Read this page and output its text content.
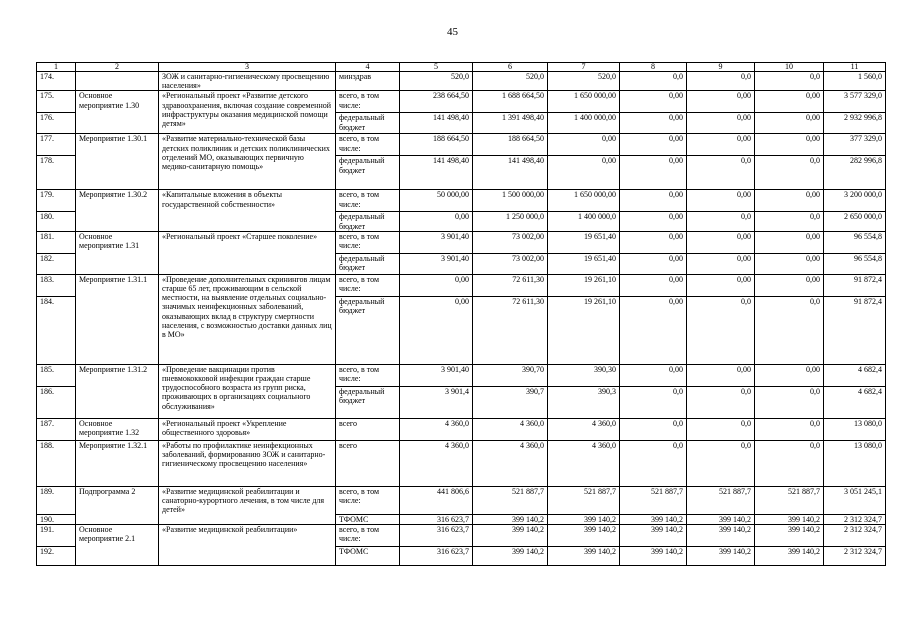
45
1	2	3	4	5	6	7	8	9	10	11
174.		ЗОЖ и санитарно-гигиеническому просвещению населения»	минздрав	520,0	520,0	520,0	0,0	0,0	0,0	1 560,0
175.	Основное мероприятие 1.30	«Региональный проект «Развитие детского здравоохранения, включая создание современной инфраструктуры оказания медицинской помощи детям»	всего, в том числе:	238 664,50	1 688 664,50	1 650 000,00	0,00	0,00	0,00	3 577 329,0
176.			федеральный бюджет	141 498,40	1 391 498,40	1 400 000,00	0,00	0,00	0,00	2 932 996,8
177.	Мероприятие 1.30.1	«Развитие материально-технической базы детских поликлиник и детских поликлинических отделений МО, оказывающих первичную медико-санитарную помощь»	всего, в том числе:	188 664,50	188 664,50	0,00	0,00	0,00	0,00	377 329,0
178.			федеральный бюджет	141 498,40	141 498,40	0,00	0,00	0,0	0,0	282 996,8
179.	Мероприятие 1.30.2	«Капитальные вложения в объекты государственной собственности»	всего, в том числе:	50 000,00	1 500 000,00	1 650 000,00	0,00	0,00	0,00	3 200 000,0
180.			федеральный бюджет	0,00	1 250 000,0	1 400 000,0	0,00	0,0	0,0	2 650 000,0
181.	Основное мероприятие 1.31	«Региональный проект «Старшее поколение»	всего, в том числе:	3 901,40	73 002,00	19 651,40	0,00	0,00	0,00	96 554,8
182.			федеральный бюджет	3 901,40	73 002,00	19 651,40	0,00	0,00	0,00	96 554,8
183.	Мероприятие 1.31.1	«Проведение дополнительных скринингов лицам старше 65 лет, проживающим в сельской местности, на выявление отдельных социально-значимых неинфекционных заболеваний, оказывающих вклад в структуру смертности населения, с возможностью доставки данных лиц в МО»	всего, в том числе:	0,00	72 611,30	19 261,10	0,00	0,00	0,00	91 872,4
184.			федеральный бюджет	0,00	72 611,30	19 261,10	0,00	0,0	0,0	91 872,4
185.	Мероприятие 1.31.2	«Проведение вакцинации против пневмококковой инфекции граждан старше трудоспособного возраста из групп риска, проживающих в организациях социального обслуживания»	всего, в том числе:	3 901,40	390,70	390,30	0,00	0,00	0,00	4 682,4
186.			федеральный бюджет	3 901,4	390,7	390,3	0,0	0,0	0,0	4 682,4
187.	Основное мероприятие 1.32	«Региональный проект «Укрепление общественного здоровья»	всего	4 360,0	4 360,0	4 360,0	0,0	0,0	0,0	13 080,0
188.	Мероприятие 1.32.1	«Работы по профилактике неинфекционных заболеваний, формированию ЗОЖ и санитарно-гигиеническому просвещению населения»	всего	4 360,0	4 360,0	4 360,0	0,0	0,0	0,0	13 080,0
189.	Подпрограмма 2	«Развитие медицинской реабилитации и санаторно-курортного лечения, в том числе для детей»	всего, в том числе:	441 806,6	521 887,7	521 887,7	521 887,7	521 887,7	521 887,7	3 051 245,1
190.			ТФОМС	316 623,7	399 140,2	399 140,2	399 140,2	399 140,2	399 140,2	2 312 324,7
191.	Основное мероприятие 2.1	«Развитие медицинской реабилитации»	всего, в том числе:	316 623,7	399 140,2	399 140,2	399 140,2	399 140,2	399 140,2	2 312 324,7
192.			ТФОМС	316 623,7	399 140,2	399 140,2	399 140,2	399 140,2	399 140,2	2 312 324,7
